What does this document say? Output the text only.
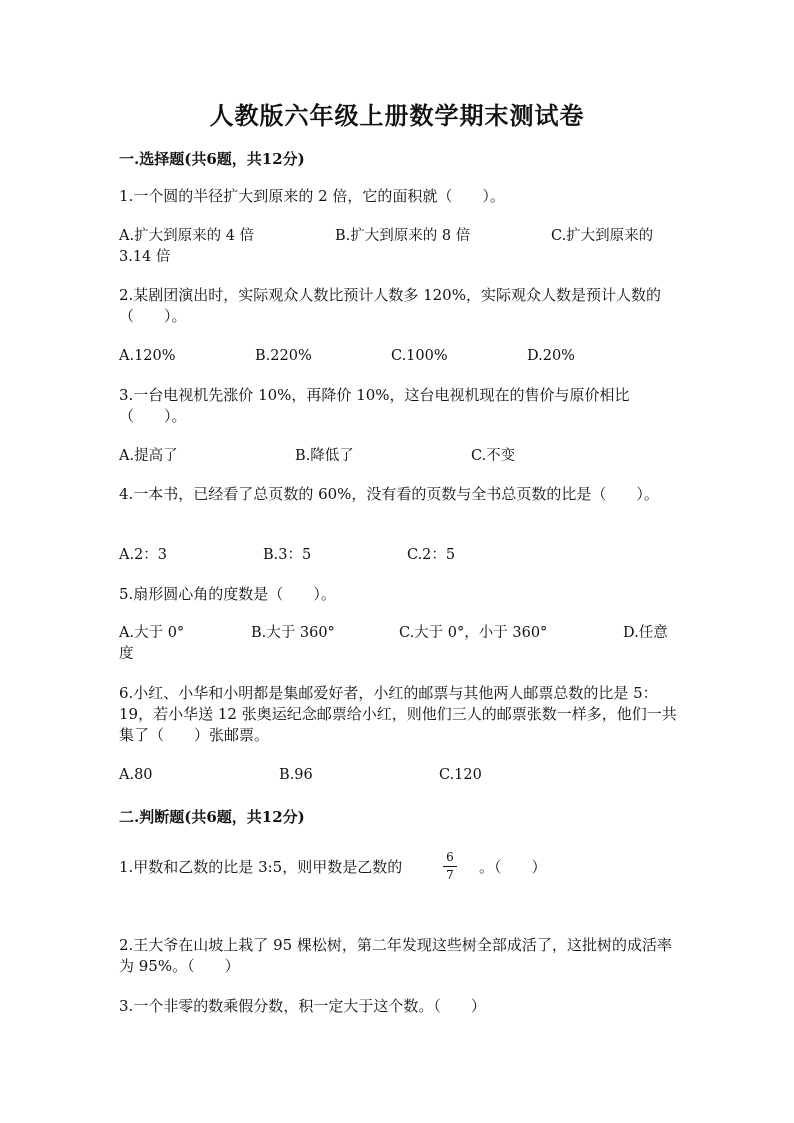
人教版六年级上册数学期末测试卷
一.选择题(共6题，共12分)
1.一个圆的半径扩大到原来的 2 倍，它的面积就（　　）。
A.扩大到原来的 4 倍	B.扩大到原来的 8 倍	C.扩大到原来的
3.14 倍
2.某剧团演出时，实际观众人数比预计人数多 120%，实际观众人数是预计人数的（　　）。
A.120%	B.220%	C.100%	D.20%
3.一台电视机先涨价 10%，再降价 10%，这台电视机现在的售价与原价相比（　　）。
A.提高了	B.降低了	C.不变
4.一本书，已经看了总页数的 60%，没有看的页数与全书总页数的比是（　　）。
A.2：3	B.3：5	C.2：5
5.扇形圆心角的度数是（　　）。
A.大于 0°	B.大于 360°	C.大于 0°，小于 360°	D.任意
度
6.小红、小华和小明都是集邮爱好者，小红的邮票与其他两人邮票总数的比是 5：19，若小华送 12 张奥运纪念邮票给小红，则他们三人的邮票张数一样多，他们一共集了（　　）张邮票。
A.80	B.96	C.120
二.判断题(共6题，共12分)
1.甲数和乙数的比是 3:5，则甲数是乙数的
6
7 。（　　）
2.王大爷在山坡上栽了 95 棵松树，第二年发现这些树全部成活了，这批树的成活率为 95%。（　　）
3.一个非零的数乘假分数，积一定大于这个数。（　　）
